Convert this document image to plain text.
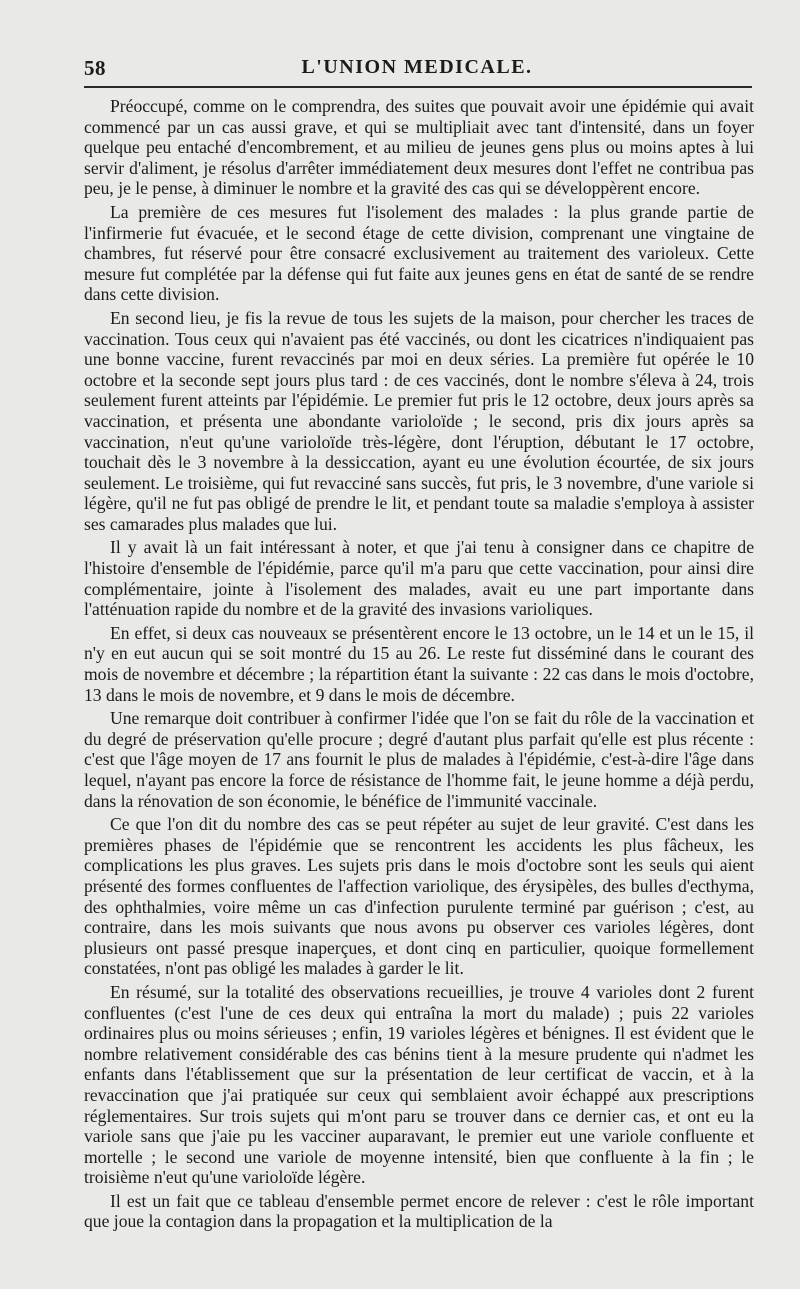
58	L'UNION MEDICALE.

Préoccupé, comme on le comprendra, des suites que pouvait avoir une épidémie qui avait commencé par un cas aussi grave, et qui se multipliait avec tant d'intensité, dans un foyer quelque peu entaché d'encombrement, et au milieu de jeunes gens plus ou moins aptes à lui servir d'aliment, je résolus d'arrêter immédiatement deux mesures dont l'effet ne contribua pas peu, je le pense, à diminuer le nombre et la gravité des cas qui se développèrent encore.

La première de ces mesures fut l'isolement des malades : la plus grande partie de l'infirmerie fut évacuée, et le second étage de cette division, comprenant une vingtaine de chambres, fut réservé pour être consacré exclusivement au traitement des varioleux. Cette mesure fut complétée par la défense qui fut faite aux jeunes gens en état de santé de se rendre dans cette division.

En second lieu, je fis la revue de tous les sujets de la maison, pour chercher les traces de vaccination. Tous ceux qui n'avaient pas été vaccinés, ou dont les cicatrices n'indiquaient pas une bonne vaccine, furent revaccinés par moi en deux séries. La première fut opérée le 10 octobre et la seconde sept jours plus tard : de ces vaccinés, dont le nombre s'éleva à 24, trois seulement furent atteints par l'épidémie. Le premier fut pris le 12 octobre, deux jours après sa vaccination, et présenta une abondante varioloïde ; le second, pris dix jours après sa vaccination, n'eut qu'une varioloïde très-légère, dont l'éruption, débutant le 17 octobre, touchait dès le 3 novembre à la dessiccation, ayant eu une évolution écourtée, de six jours seulement. Le troisième, qui fut revacciné sans succès, fut pris, le 3 novembre, d'une variole si légère, qu'il ne fut pas obligé de prendre le lit, et pendant toute sa maladie s'employa à assister ses camarades plus malades que lui.

Il y avait là un fait intéressant à noter, et que j'ai tenu à consigner dans ce chapitre de l'histoire d'ensemble de l'épidémie, parce qu'il m'a paru que cette vaccination, pour ainsi dire complémentaire, jointe à l'isolement des malades, avait eu une part importante dans l'atténuation rapide du nombre et de la gravité des invasions varioliques.

En effet, si deux cas nouveaux se présentèrent encore le 13 octobre, un le 14 et un le 15, il n'y en eut aucun qui se soit montré du 15 au 26. Le reste fut disséminé dans le courant des mois de novembre et décembre ; la répartition étant la suivante : 22 cas dans le mois d'octobre, 13 dans le mois de novembre, et 9 dans le mois de décembre.

Une remarque doit contribuer à confirmer l'idée que l'on se fait du rôle de la vaccination et du degré de préservation qu'elle procure ; degré d'autant plus parfait qu'elle est plus récente : c'est que l'âge moyen de 17 ans fournit le plus de malades à l'épidémie, c'est-à-dire l'âge dans lequel, n'ayant pas encore la force de résistance de l'homme fait, le jeune homme a déjà perdu, dans la rénovation de son économie, le bénéfice de l'immunité vaccinale.

Ce que l'on dit du nombre des cas se peut répéter au sujet de leur gravité. C'est dans les premières phases de l'épidémie que se rencontrent les accidents les plus fâcheux, les complications les plus graves. Les sujets pris dans le mois d'octobre sont les seuls qui aient présenté des formes confluentes de l'affection variolique, des érysipèles, des bulles d'ecthyma, des ophthalmies, voire même un cas d'infection purulente terminé par guérison ; c'est, au contraire, dans les mois suivants que nous avons pu observer ces varioles légères, dont plusieurs ont passé presque inaperçues, et dont cinq en particulier, quoique formellement constatées, n'ont pas obligé les malades à garder le lit.

En résumé, sur la totalité des observations recueillies, je trouve 4 varioles dont 2 furent confluentes (c'est l'une de ces deux qui entraîna la mort du malade) ; puis 22 varioles ordinaires plus ou moins sérieuses ; enfin, 19 varioles légères et bénignes. Il est évident que le nombre relativement considérable des cas bénins tient à la mesure prudente qui n'admet les enfants dans l'établissement que sur la présentation de leur certificat de vaccin, et à la revaccination que j'ai pratiquée sur ceux qui semblaient avoir échappé aux prescriptions réglementaires. Sur trois sujets qui m'ont paru se trouver dans ce dernier cas, et ont eu la variole sans que j'aie pu les vacciner auparavant, le premier eut une variole confluente et mortelle ; le second une variole de moyenne intensité, bien que confluente à la fin ; le troisième n'eut qu'une varioloïde légère.

Il est un fait que ce tableau d'ensemble permet encore de relever : c'est le rôle important que joue la contagion dans la propagation et la multiplication de la
